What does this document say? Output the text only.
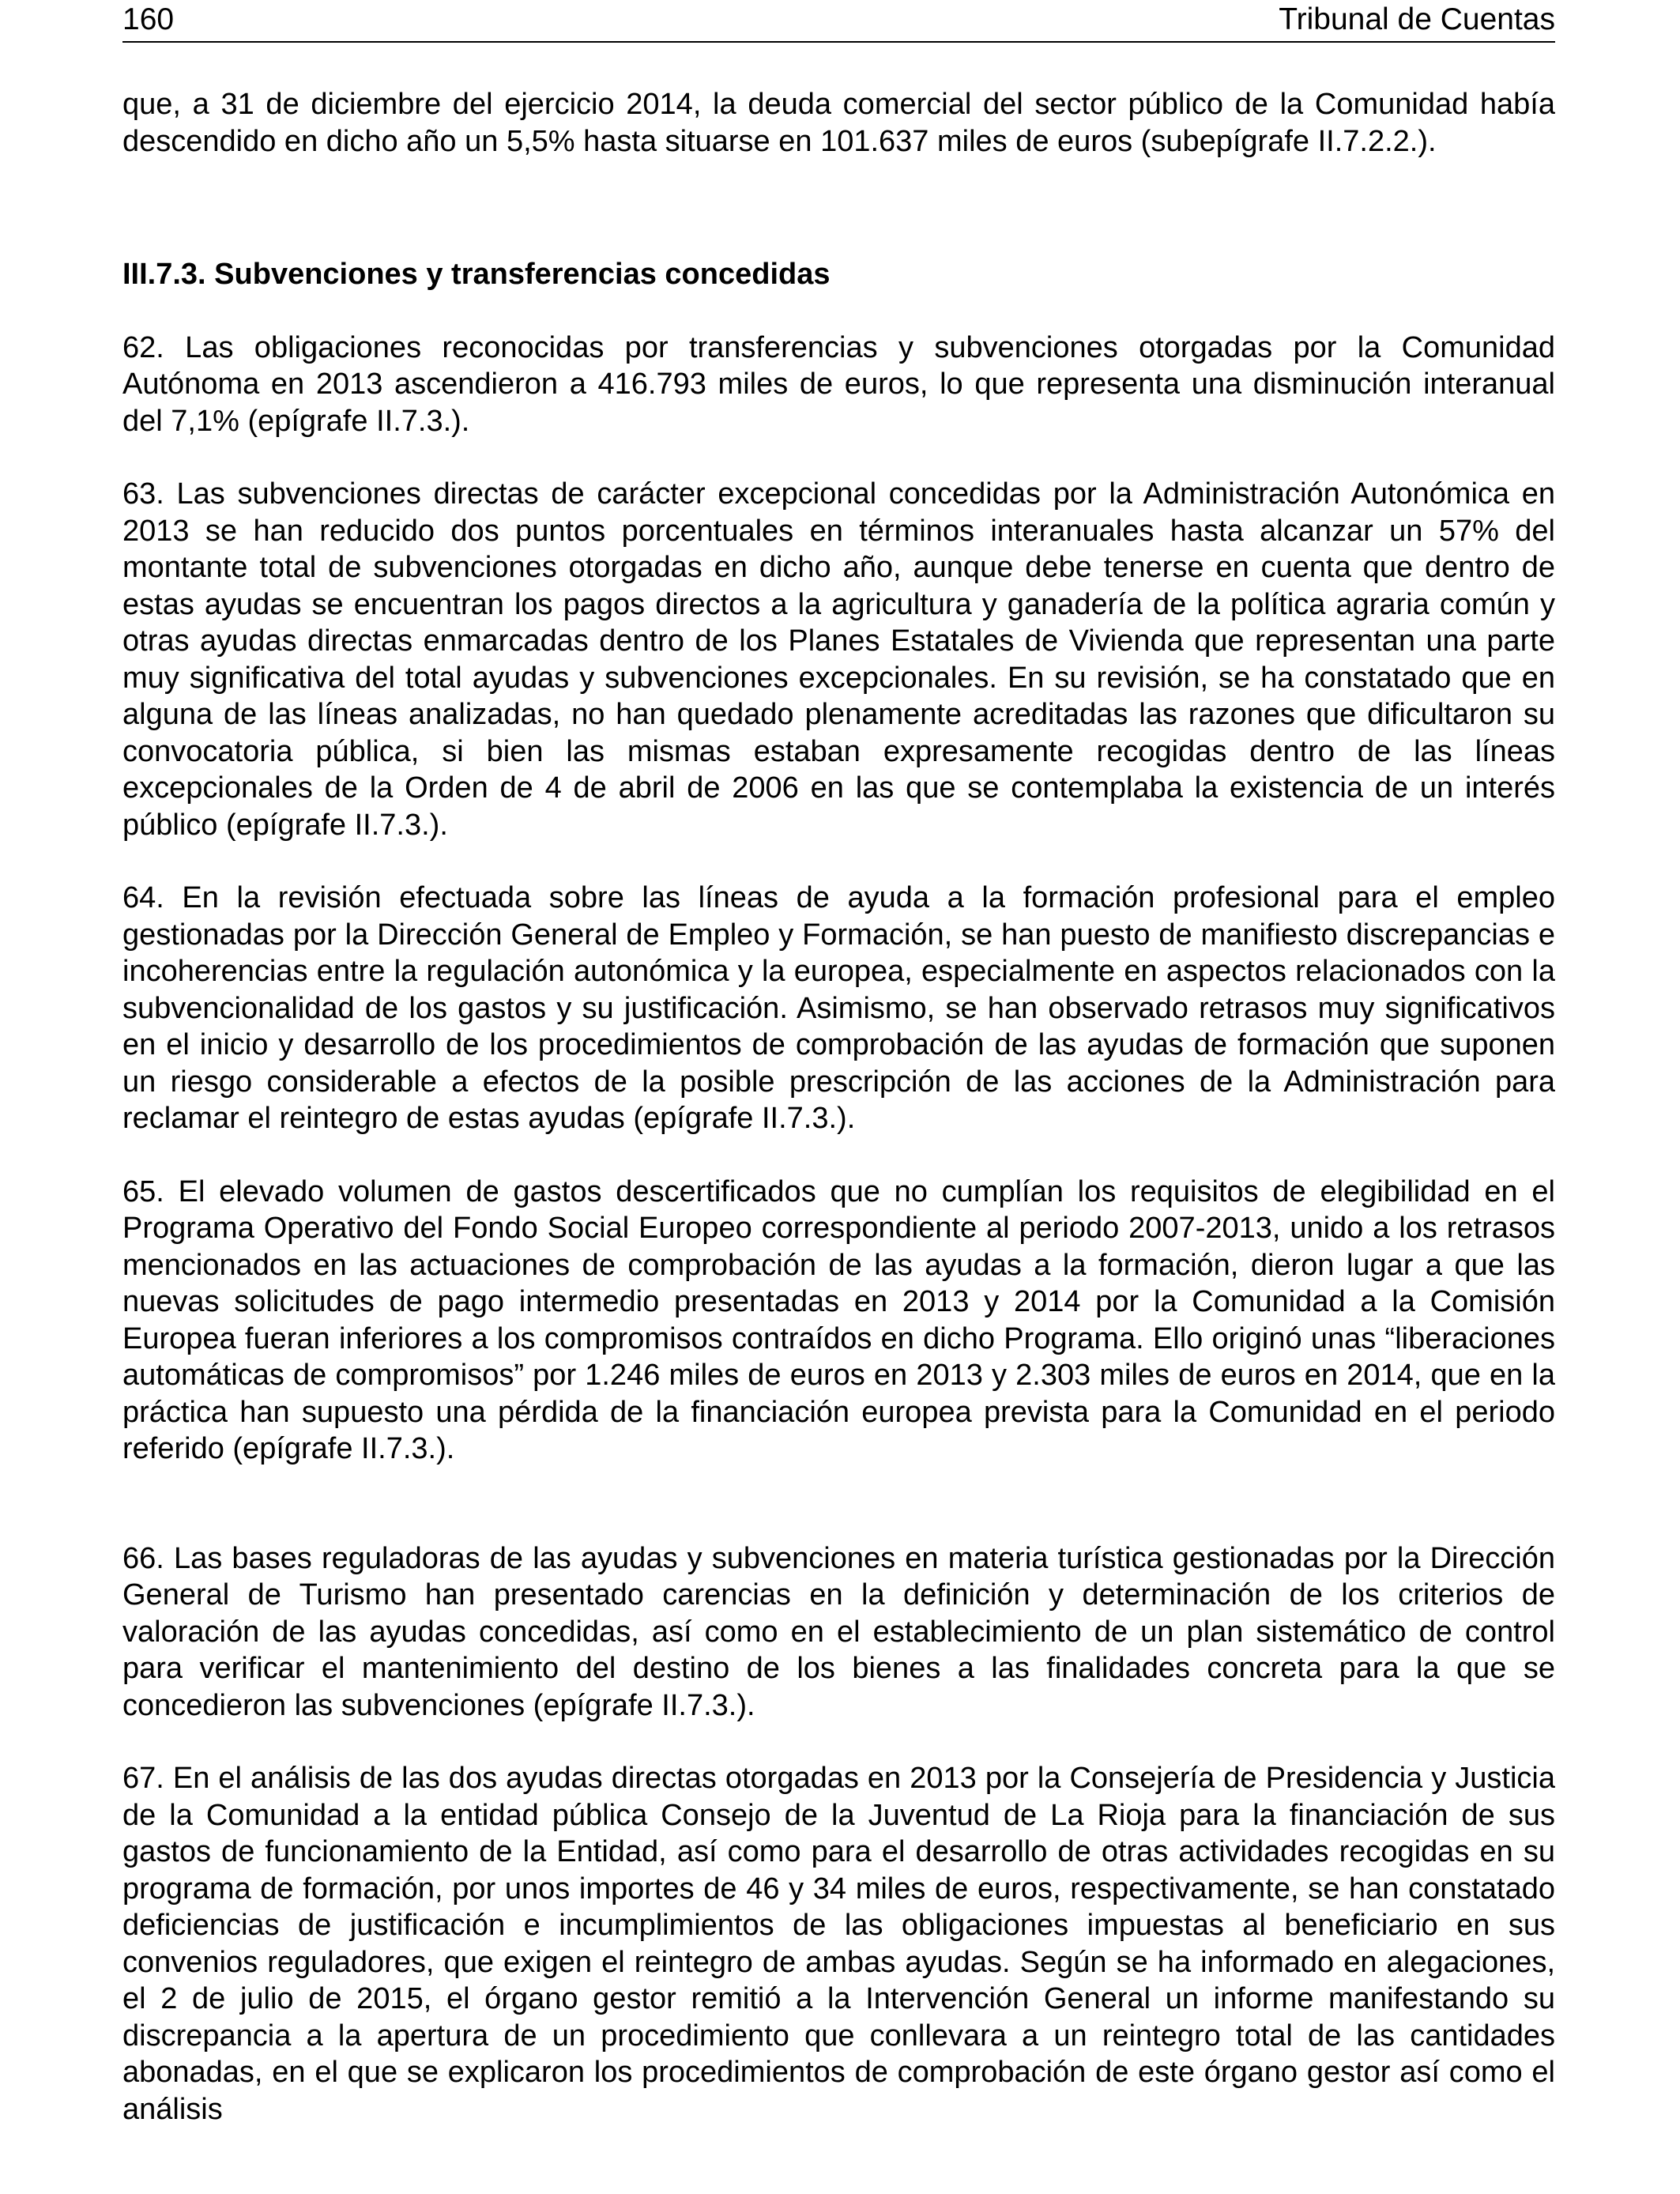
160	Tribunal de Cuentas

que, a 31 de diciembre del ejercicio 2014, la deuda comercial del sector público de la Comunidad había descendido en dicho año un 5,5% hasta situarse en 101.637 miles de euros (subepígrafe II.7.2.2.).

III.7.3. Subvenciones y transferencias concedidas

62. Las obligaciones reconocidas por transferencias y subvenciones otorgadas por la Comunidad Autónoma en 2013 ascendieron a 416.793 miles de euros, lo que representa una disminución interanual del 7,1% (epígrafe II.7.3.).

63. Las subvenciones directas de carácter excepcional concedidas por la Administración Autonómica en 2013 se han reducido dos puntos porcentuales en términos interanuales hasta alcanzar un 57% del montante total de subvenciones otorgadas en dicho año, aunque debe tenerse en cuenta que dentro de estas ayudas se encuentran los pagos directos a la agricultura y ganadería de la política agraria común y otras ayudas directas enmarcadas dentro de los Planes Estatales de Vivienda que representan una parte muy significativa del total ayudas y subvenciones excepcionales. En su revisión, se ha constatado que en alguna de las líneas analizadas, no han quedado plenamente acreditadas las razones que dificultaron su convocatoria pública, si bien las mismas estaban expresamente recogidas dentro de las líneas excepcionales de la Orden de 4 de abril de 2006 en las que se contemplaba la existencia de un interés público (epígrafe II.7.3.).

64. En la revisión efectuada sobre las líneas de ayuda a la formación profesional para el empleo gestionadas por la Dirección General de Empleo y Formación, se han puesto de manifiesto discrepancias e incoherencias entre la regulación autonómica y la europea, especialmente en aspectos relacionados con la subvencionalidad de los gastos y su justificación. Asimismo, se han observado retrasos muy significativos en el inicio y desarrollo de los procedimientos de comprobación de las ayudas de formación que suponen un riesgo considerable a efectos de la posible prescripción de las acciones de la Administración para reclamar el reintegro de estas ayudas (epígrafe II.7.3.).

65. El elevado volumen de gastos descertificados que no cumplían los requisitos de elegibilidad en el Programa Operativo del Fondo Social Europeo correspondiente al periodo 2007-2013, unido a los retrasos mencionados en las actuaciones de comprobación de las ayudas a la formación, dieron lugar a que las nuevas solicitudes de pago intermedio presentadas en 2013 y 2014 por la Comunidad a la Comisión Europea fueran inferiores a los compromisos contraídos en dicho Programa. Ello originó unas “liberaciones automáticas de compromisos” por 1.246 miles de euros en 2013 y 2.303 miles de euros en 2014, que en la práctica han supuesto una pérdida de la financiación europea prevista para la Comunidad en el periodo referido (epígrafe II.7.3.).

66. Las bases reguladoras de las ayudas y subvenciones en materia turística gestionadas por la Dirección General de Turismo han presentado carencias en la definición y determinación de los criterios de valoración de las ayudas concedidas, así como en el establecimiento de un plan sistemático de control para verificar el mantenimiento del destino de los bienes a las finalidades concreta para la que se concedieron las subvenciones (epígrafe II.7.3.).

67. En el análisis de las dos ayudas directas otorgadas en 2013 por la Consejería de Presidencia y Justicia de la Comunidad a la entidad pública Consejo de la Juventud de La Rioja para la financiación de sus gastos de funcionamiento de la Entidad, así como para el desarrollo de otras actividades recogidas en su programa de formación, por unos importes de 46 y 34 miles de euros, respectivamente, se han constatado deficiencias de justificación e incumplimientos de las obligaciones impuestas al beneficiario en sus convenios reguladores, que exigen el reintegro de ambas ayudas. Según se ha informado en alegaciones, el 2 de julio de 2015, el órgano gestor remitió a la Intervención General un informe manifestando su discrepancia a la apertura de un procedimiento que conllevara a un reintegro total de las cantidades abonadas, en el que se explicaron los procedimientos de comprobación de este órgano gestor así como el análisis
